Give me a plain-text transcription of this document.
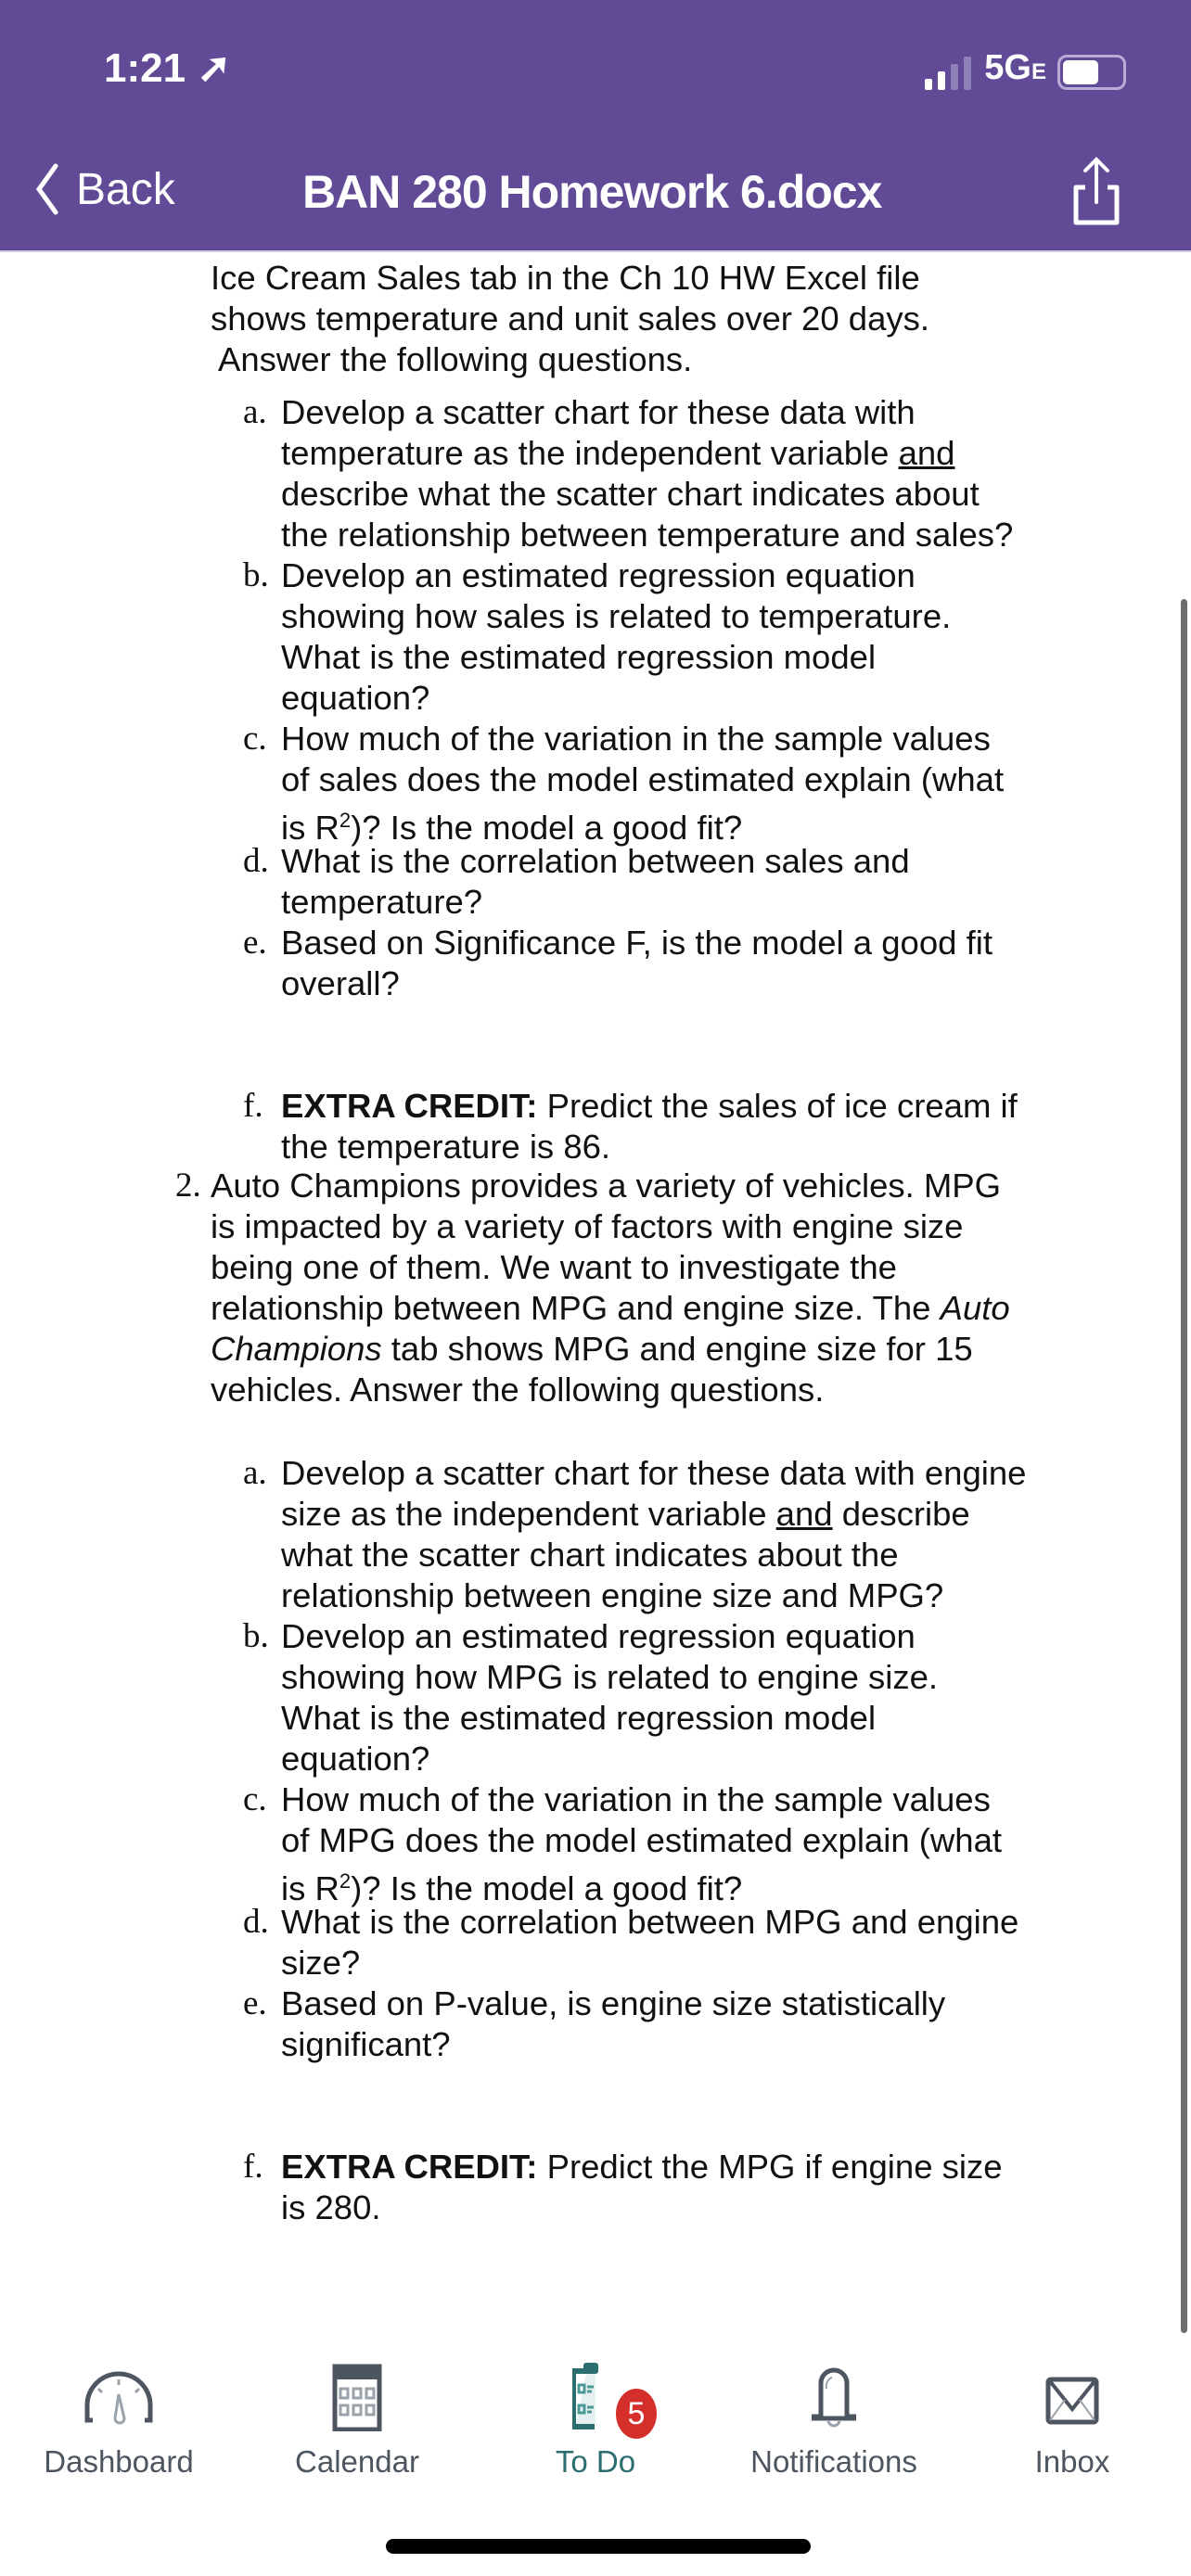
1:21 ➚	5GE
Back	BAN 280 Homework 6.docx
Ice Cream Sales tab in the Ch 10 HW Excel file
shows temperature and unit sales over 20 days.
Answer the following questions.
a. Develop a scatter chart for these data with
temperature as the independent variable and
describe what the scatter chart indicates about
the relationship between temperature and sales?
b. Develop an estimated regression equation
showing how sales is related to temperature.
What is the estimated regression model
equation?
c. How much of the variation in the sample values
of sales does the model estimated explain (what
is $R^2$)? Is the model a good fit?
d. What is the correlation between sales and
temperature?
e. Based on Significance F, is the model a good fit
overall?
f. EXTRA CREDIT: Predict the sales of ice cream if
the temperature is 86.
2. Auto Champions provides a variety of vehicles. MPG
is impacted by a variety of factors with engine size
being one of them. We want to investigate the
relationship between MPG and engine size. The Auto
Champions tab shows MPG and engine size for 15
vehicles. Answer the following questions.
a. Develop a scatter chart for these data with engine
size as the independent variable and describe
what the scatter chart indicates about the
relationship between engine size and MPG?
b. Develop an estimated regression equation
showing how MPG is related to engine size.
What is the estimated regression model
equation?
c. How much of the variation in the sample values
of MPG does the model estimated explain (what
is $R^2$)? Is the model a good fit?
d. What is the correlation between MPG and engine
size?
e. Based on P-value, is engine size statistically
significant?
f. EXTRA CREDIT: Predict the MPG if engine size
is 280.
Dashboard	Calendar
5
To Do	Notifications	Inbox
